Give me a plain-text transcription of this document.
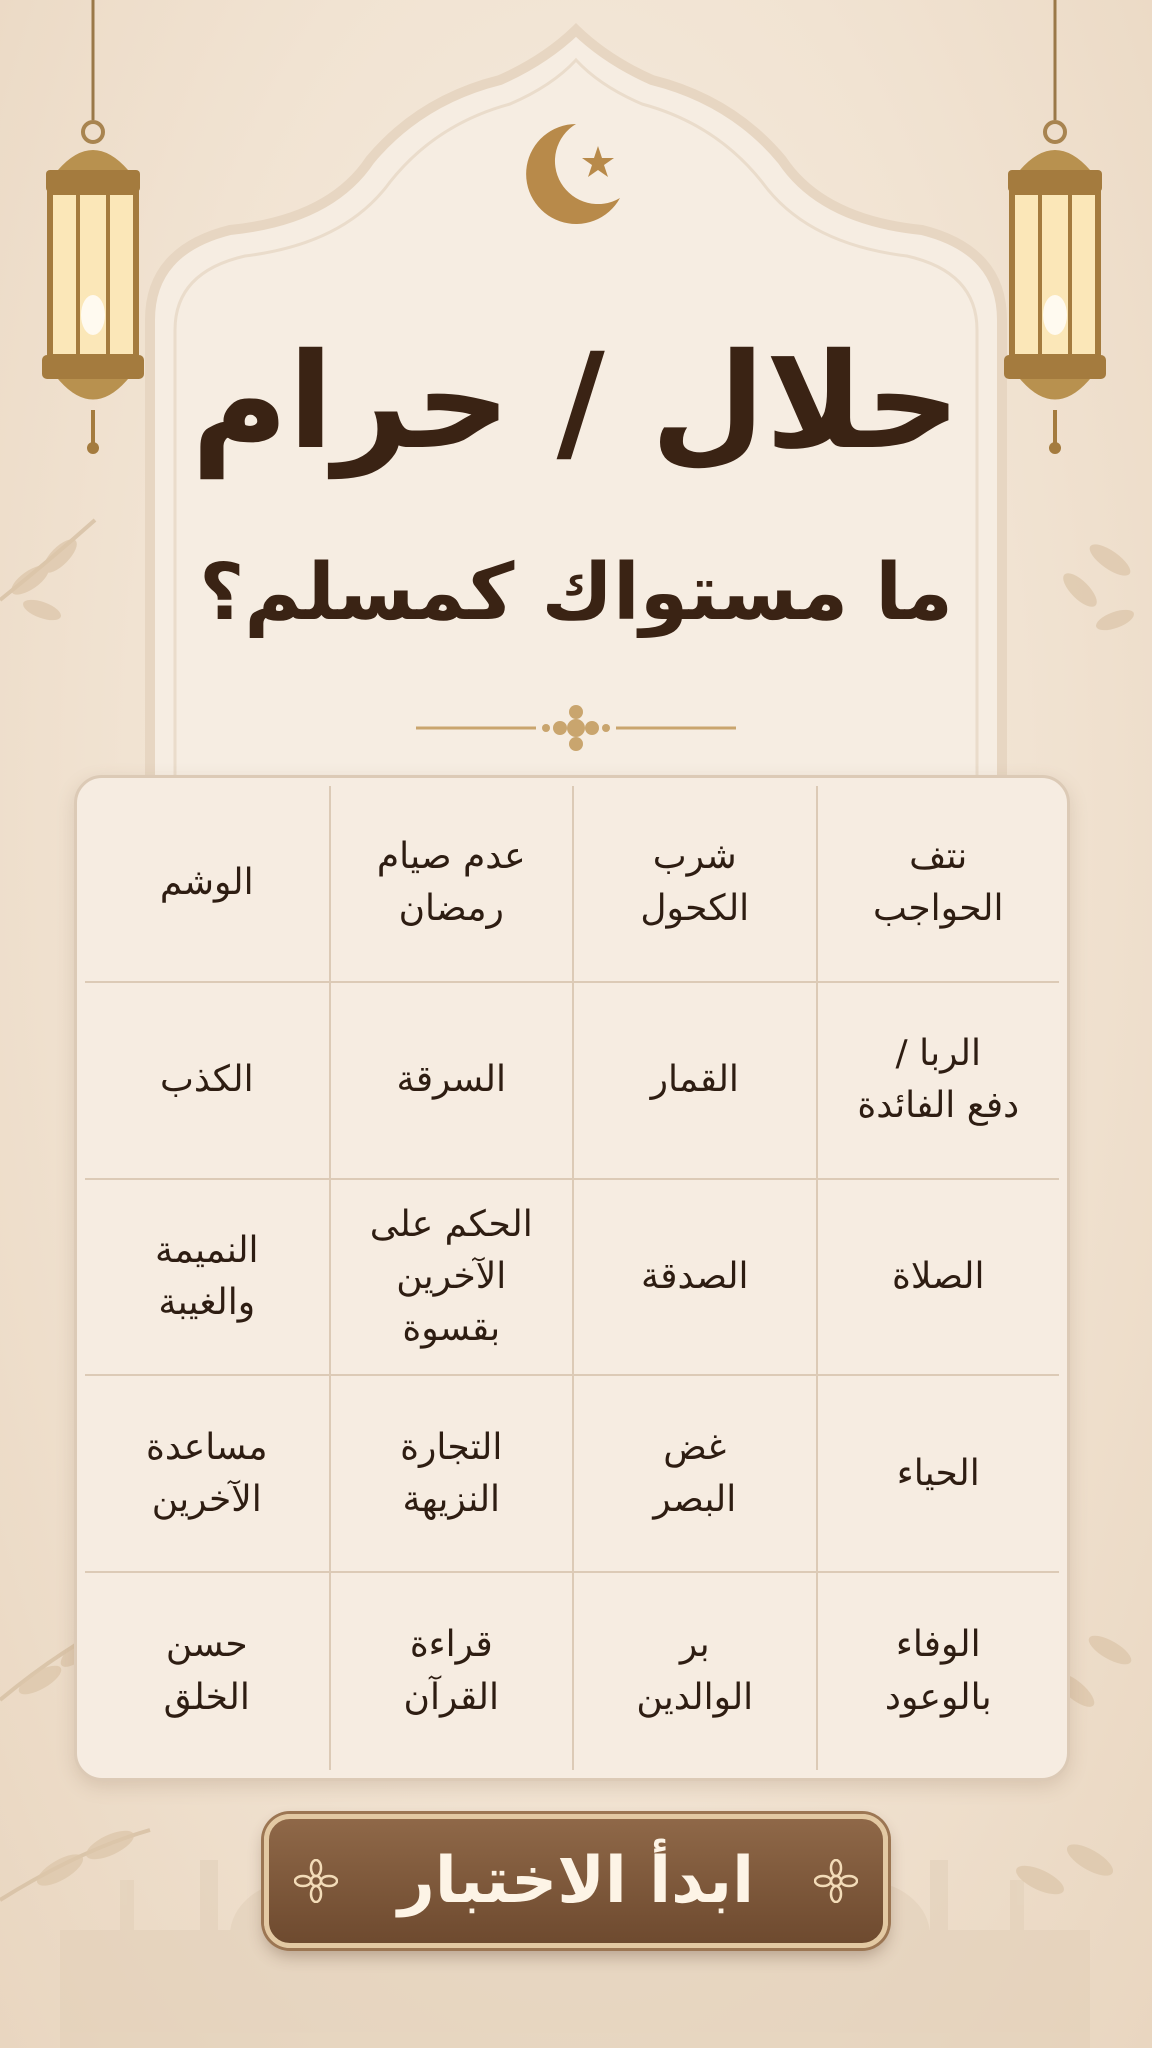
حلال / حرام
ما مستواك كمسلم؟
نتف
الحواجب
شرب
الكحول
عدم صيام
رمضان
الوشم
الربا /
دفع الفائدة
القمار
السرقة
الكذب
الصلاة
الصدقة
الحكم على
الآخرين بقسوة
النميمة
والغيبة
الحياء
غض
البصر
التجارة
النزيهة
مساعدة
الآخرين
الوفاء
بالوعود
بر
الوالدين
قراءة
القرآن
حسن
الخلق
ابدأ الاختبار
